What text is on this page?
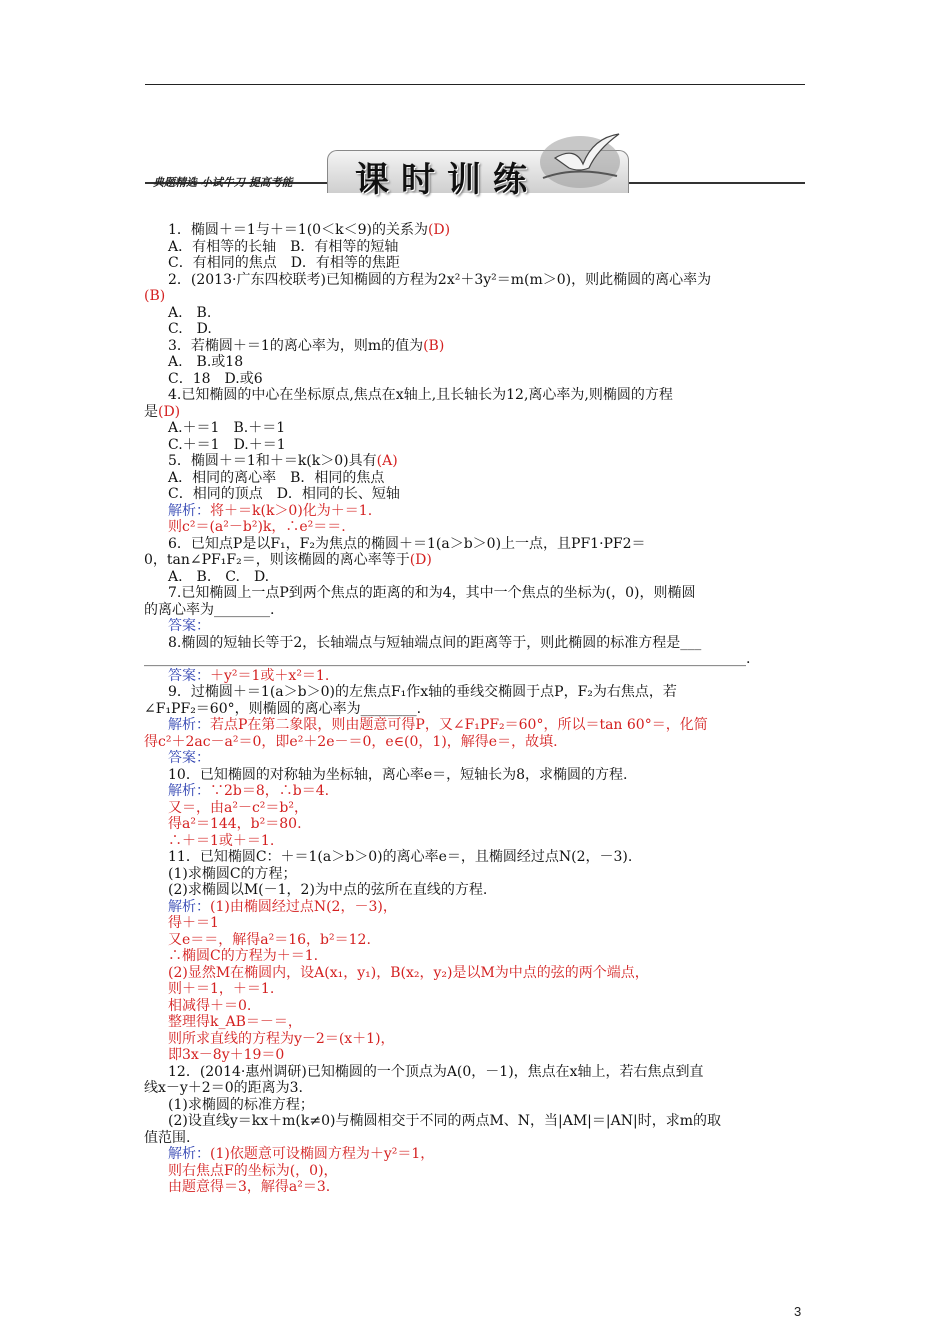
典题精选 小试牛刀 提高考能 课时训练

1．椭圆＋＝1与＋＝1(0＜k＜9)的关系为(D)

A．有相等的长轴　B．有相等的短轴

C．有相同的焦点　D．有相等的焦距

2．(2013·广东四校联考)已知椭圆的方程为2x²＋3y²＝m(m＞0)，则此椭圆的离心率为

(B)

A.　B.

C.　D.

3．若椭圆＋＝1的离心率为，则m的值为(B)

A.　B.或18

C．18　D.或6

4.已知椭圆的中心在坐标原点,焦点在x轴上,且长轴长为12,离心率为,则椭圆的方程

是(D)

A.＋＝1　B.＋＝1

C.＋＝1　D.＋＝1

5．椭圆＋＝1和＋＝k(k＞0)具有(A)

A．相同的离心率　B．相同的焦点

C．相同的顶点　D．相同的长、短轴

解析：将＋＝k(k＞0)化为＋＝1.

则c²＝(a²－b²)k，∴e²＝＝.

6．已知点P是以F₁，F₂为焦点的椭圆＋＝1(a＞b＞0)上一点，且PF1·PF2＝

0，tan∠PF₁F₂＝，则该椭圆的离心率等于(D)

A.　B.　C.　D.

7.已知椭圆上一点P到两个焦点的距离的和为4，其中一个焦点的坐标为(，0)，则椭圆

的离心率为________.

答案：

8.椭圆的短轴长等于2，长轴端点与短轴端点间的距离等于，则此椭圆的标准方程是___

______________________________________________________________________________________.

答案：＋y²＝1或＋x²＝1.

9．过椭圆＋＝1(a＞b＞0)的左焦点F₁作x轴的垂线交椭圆于点P，F₂为右焦点，若

∠F₁PF₂＝60°，则椭圆的离心率为________.

解析：若点P在第二象限，则由题意可得P，又∠F₁PF₂＝60°，所以＝tan 60°＝，化简

得c²＋2ac－a²＝0，即e²＋2e－＝0，e∈(0，1)，解得e＝，故填.

答案：

10．已知椭圆的对称轴为坐标轴，离心率e＝，短轴长为8，求椭圆的方程.

解析：∵2b＝8，∴b＝4.

又＝，由a²－c²＝b²，

得a²＝144，b²＝80.

∴＋＝1或＋＝1.

11．已知椭圆C：＋＝1(a＞b＞0)的离心率e＝，且椭圆经过点N(2，－3).

(1)求椭圆C的方程；

(2)求椭圆以M(－1，2)为中点的弦所在直线的方程.

解析：(1)由椭圆经过点N(2，－3)，

得＋＝1

又e＝＝，解得a²＝16，b²＝12.

∴椭圆C的方程为＋＝1.

(2)显然M在椭圆内，设A(x₁，y₁)，B(x₂，y₂)是以M为中点的弦的两个端点，

则＋＝1，＋＝1.

相减得＋＝0.

整理得k_AB＝－＝，

则所求直线的方程为y－2＝(x＋1)，

即3x－8y＋19＝0

12．(2014·惠州调研)已知椭圆的一个顶点为A(0，－1)，焦点在x轴上，若右焦点到直

线x－y＋2＝0的距离为3.

(1)求椭圆的标准方程；

(2)设直线y＝kx＋m(k≠0)与椭圆相交于不同的两点M、N，当|AM|＝|AN|时，求m的取

值范围.

解析：(1)依题意可设椭圆方程为＋y²＝1，

则右焦点F的坐标为(，0)，

由题意得＝3，解得a²＝3.

3
